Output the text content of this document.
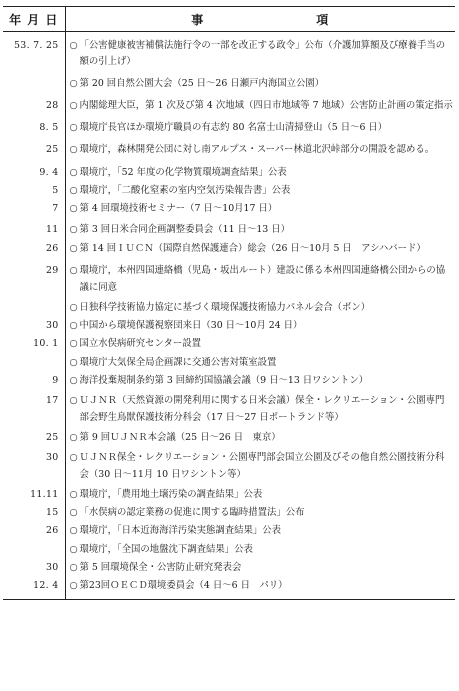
年 月 日	事 項
53. 7. 25	○ 「公害健康被害補償法施行令の一部を改正する政令」公布（介護加算額及び療養手当の額の引上げ）

	○ 第 20 回自然公園大会（25 日～26 日瀬戸内海国立公園）

28	○ 内閣総理大臣，第 1 次及び第 4 次地域（四日市地域等 7 地域）公害防止計画の策定指示

8. 5	○ 環境庁長官ほか環境庁職員の有志約 80 名富士山清掃登山（5 日～6 日）

25	○ 環境庁，森林開発公団に対し南アルプス・スーパー林道北沢峠部分の開設を認める。

9. 4	○ 環境庁，「52 年度の化学物質環境調査結果」公表

5	○ 環境庁，「二酸化窒素の室内空気汚染報告書」公表

7	○ 第 4 回環境技術セミナー（7 日～10月17 日）

11	○ 第 3 回日米合同企画調整委員会（11 日～13 日）

26	○ 第 14 回ＩＵＣＮ（国際自然保護連合）総会（26 日～10月 5 日　アシハバード）

29	○ 環境庁，本州四国連絡橋（児島・坂出ルート）建設に係る本州四国連絡橋公団からの協議に同意

	○ 日独科学技術協力協定に基づく環境保護技術協力パネル会合（ボン）

30	○ 中国から環境保護視察団来日（30 日～10月 24 日）

10. 1	○ 国立水俣病研究センター設置

	○ 環境庁大気保全局企画課に交通公害対策室設置

9	○ 海洋投棄規制条約第 3 回締約国協議会議（9 日～13 日ワシントン）

17	○ ＵＪＮＲ（天然資源の開発利用に関する日米会議）保全・レクリエーション・公園専門部会野生鳥獣保護技術分科会（17 日～27 日ポートランド等）

25	○ 第 9 回ＵＪＮＲ本会議（25 日～26 日　東京）

30	○ ＵＪＮＲ保全・レクリエーション・公園専門部会国立公園及びその他自然公園技術分科会（30 日～11月 10 日ワシントン等）

11.11	○ 環境庁，「農用地土壌汚染の調査結果」公表

15	○ 「水俣病の認定業務の促進に関する臨時措置法」公布

26	○ 環境庁，「日本近海海洋汚染実態調査結果」公表

	○ 環境庁，「全国の地盤沈下調査結果」公表

30	○ 第 5 回環境保全・公害防止研究発表会

12. 4	○ 第23回ＯＥＣＤ環境委員会（4 日～6 日　パリ）
